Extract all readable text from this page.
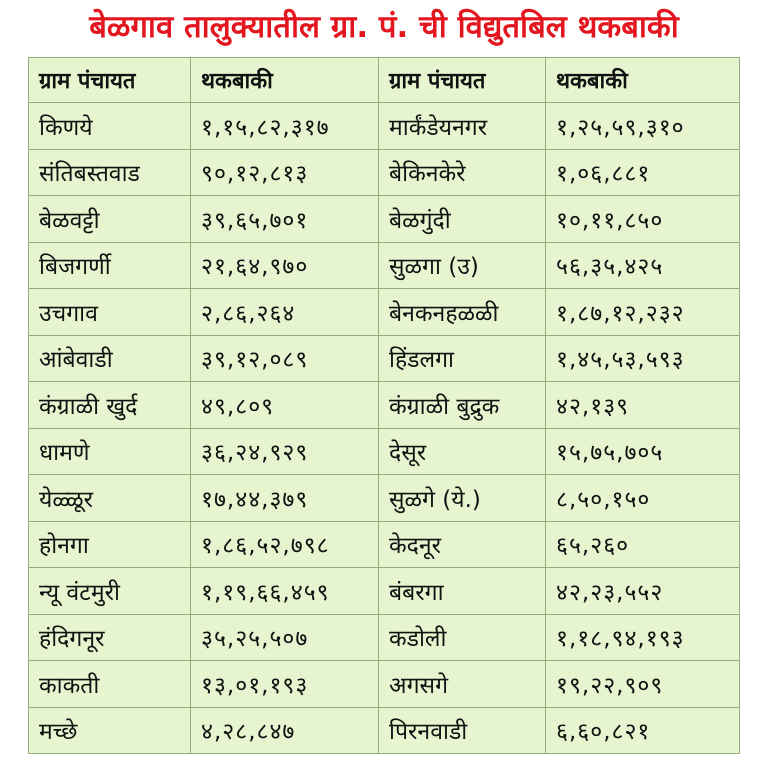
बेळगाव तालुक्यातील ग्रा. पं. ची विद्युतबिल थकबाकी
ग्राम पंचायत	थकबाकी	ग्राम पंचायत	थकबाकी
किणये	१,१५,८२,३१७	मार्कंडेयनगर	१,२५,५९,३१०
संतिबस्तवाड	९०,१२,८१३	बेकिनकेरे	१,०६,८८१
बेळवट्टी	३९,६५,७०१	बेळगुंदी	१०,११,८५०
बिजगर्णी	२१,६४,९७०	सुळगा (उ)	५६,३५,४२५
उचगाव	२,८६,२६४	बेनकनहळळी	१,८७,१२,२३२
आंबेवाडी	३९,१२,०८९	हिंडलगा	१,४५,५३,५९३
कंग्राळी खुर्द	४९,८०९	कंग्राळी बुद्रुक	४२,१३९
धामणे	३६,२४,९२९	देसूर	१५,७५,७०५
येळ्ळूर	१७,४४,३७९	सुळगे (ये.)	८,५०,१५०
होनगा	१,८६,५२,७९८	केदनूर	६५,२६०
न्यू वंटमुरी	१,१९,६६,४५९	बंबरगा	४२,२३,५५२
हंदिगनूर	३५,२५,५०७	कडोली	१,१८,९४,१९३
काकती	१३,०१,१९३	अगसगे	१९,२२,९०९
मच्छे	४,२८,८४७	पिरनवाडी	६,६०,८२१
